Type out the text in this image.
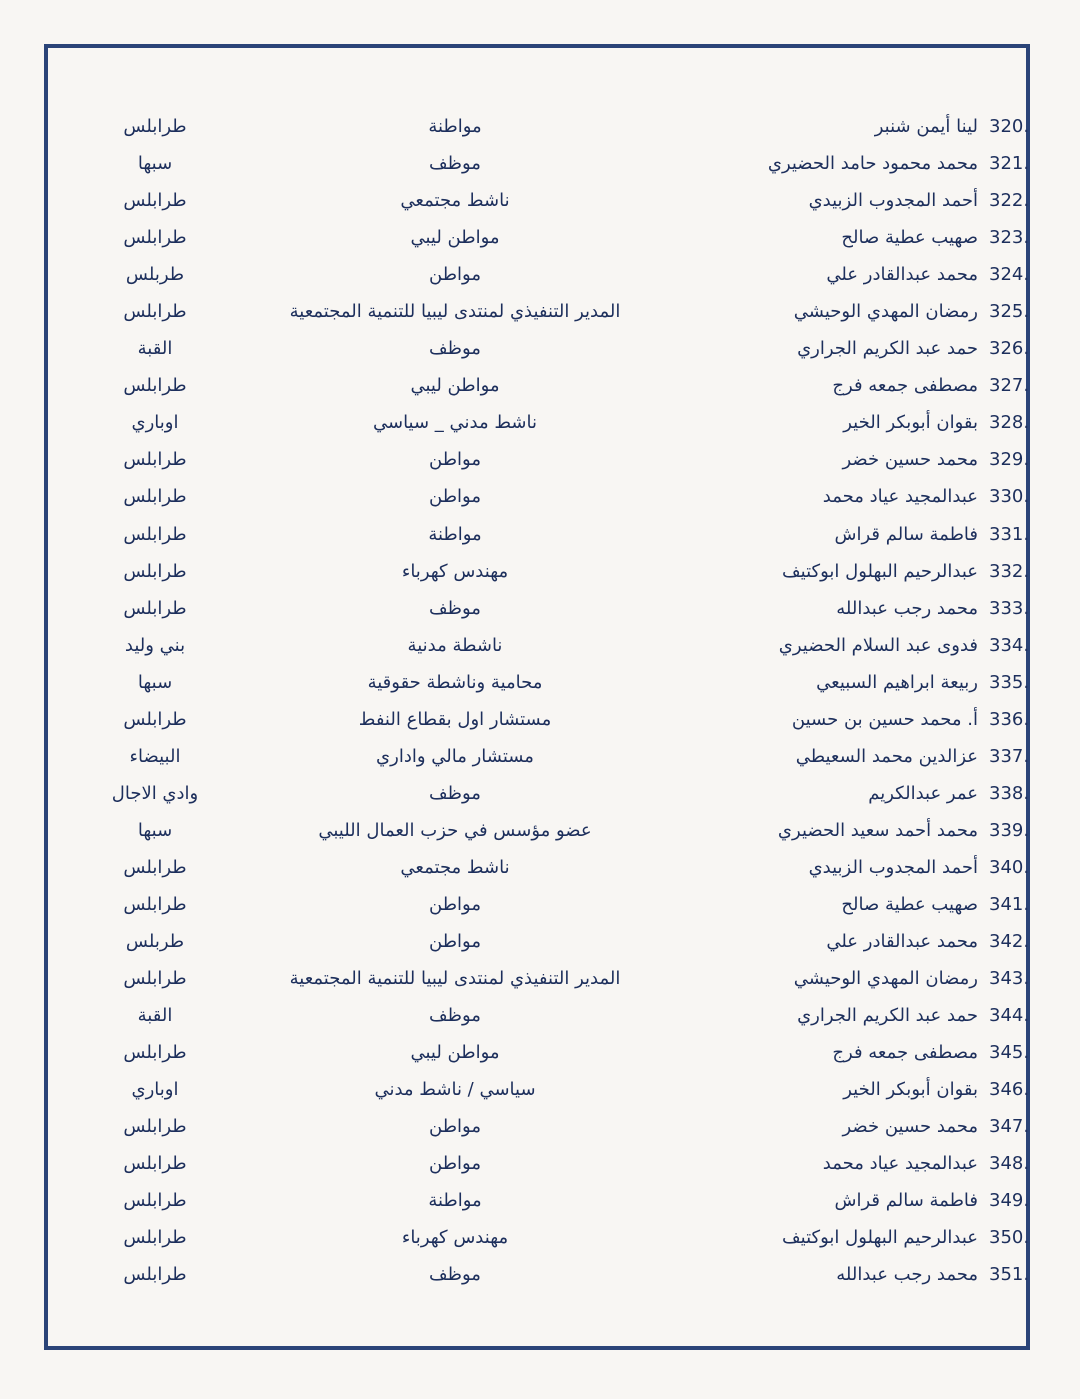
320.
لينا أيمن شنبر
مواطنة
طرابلس
321.
محمد محمود حامد الحضيري
موظف
سبها
322.
أحمد المجدوب الزبيدي
ناشط مجتمعي
طرابلس
323.
صهيب عطية صالح
مواطن ليبي
طرابلس
324.
محمد عبدالقادر علي
مواطن
طربلس
325.
رمضان المهدي الوحيشي
المدير التنفيذي لمنتدى ليبيا للتنمية المجتمعية
طرابلس
326.
حمد عبد الكريم الجراري
موظف
القبة
327.
مصطفى جمعه فرج
مواطن ليبي
طرابلس
328.
بقوان أبوبكر الخير
ناشط مدني _ سياسي
اوباري
329.
محمد حسين خضر
مواطن
طرابلس
330.
عبدالمجيد عياد محمد
مواطن
طرابلس
331.
فاطمة سالم قراش
مواطنة
طرابلس
332.
عبدالرحيم البهلول ابوكتيف
مهندس كهرباء
طرابلس
333.
محمد رجب عبدالله
موظف
طرابلس
334.
فدوى عبد السلام الحضيري
ناشطة مدنية
بني وليد
335.
ربيعة ابراهيم السبيعي
محامية وناشطة حقوقية
سبها
336.
أ. محمد حسين بن حسين
مستشار اول بقطاع النفط
طرابلس
337.
عزالدين محمد السعيطي
مستشار مالي واداري
البيضاء
338.
عمر عبدالكريم
موظف
وادي الاجال
339.
محمد أحمد سعيد الحضيري
عضو مؤسس في حزب العمال الليبي
سبها
340.
أحمد المجدوب الزبيدي
ناشط مجتمعي
طرابلس
341.
صهيب عطية صالح
مواطن
طرابلس
342.
محمد عبدالقادر علي
مواطن
طربلس
343.
رمضان المهدي الوحيشي
المدير التنفيذي لمنتدى ليبيا للتنمية المجتمعية
طرابلس
344.
حمد عبد الكريم الجراري
موظف
القبة
345.
مصطفى جمعه فرج
مواطن ليبي
طرابلس
346.
بقوان أبوبكر الخير
سياسي / ناشط مدني
اوباري
347.
محمد حسين خضر
مواطن
طرابلس
348.
عبدالمجيد عياد محمد
مواطن
طرابلس
349.
فاطمة سالم قراش
مواطنة
طرابلس
350.
عبدالرحيم البهلول ابوكتيف
مهندس كهرباء
طرابلس
351.
محمد رجب عبدالله
موظف
طرابلس
